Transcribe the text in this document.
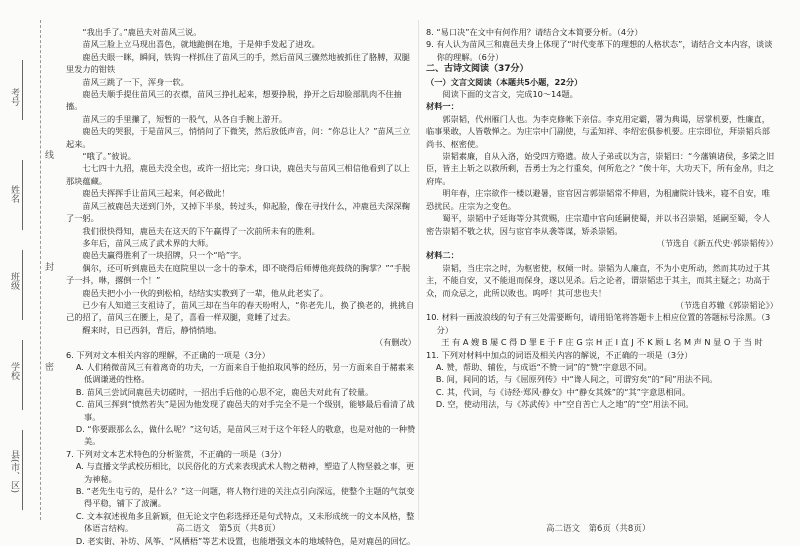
考号
姓名
班级
学校
县(市、区)
线
封
密

“我出手了。”鹿邑夫对苗风三说。

苗风三脸上立马现出喜色，就地跪倒在地，于是伸手发起了进攻。

鹿邑夫眼一眯，瞬间，铁钩一样抓住了苗风三的手，然后苗风三骤然地被抓住了胳膊，双腿里发力的钳铁

苗风三跳了一下，浑身一软。

鹿邑夫顺手提住苗风三的衣襟，苗风三挣扎起来，想要挣脱，挣开之后却脸部肌肉不住抽搐。

苗风三的手里攥了，短暂的一股气，从各自手腕上游开。

鹿邑夫的哭狠，于是苗风三，悄悄问了下微笑，然后放低声音，问：“你总让人？”苗风三立起来。

“哦了。”彼说。

七七四十九招，鹿邑夫没全也，或许一招比完；身口诀，鹿邑夫与苗风三相信他看到了以上那块蕴藏。

鹿邑夫挥挥手让苗风三起来，何必做此！

苗风三被鹿邑夫送到门外，又掉下半泉，转过头，仰起脸，像在寻找什么，冲鹿邑夫深深鞠了一躬。

我们很快得知，鹿邑夫在这天的下午赢得了一次前所未有的胜利。

多年后，苗风三成了武术界的大师。

鹿邑夫赢得胜利了一块招牌，只一个“哈”字。

偶尔，还可听到鹿邑夫在庭院里以一念十的拳术，即不晓得后师傅他亮鼓绕的胸掌？”“手脱子一抖，咻，撂倒一个！”

鹿邑夫把小小一伙的到松柏，结结实实教到了一辈，他从此老实了。

已少有人知道三支祖诗了，苗风三却在当年的春天吩咐人，“你老先儿，换了换老的，挑挑自己的招了，苗风三在腰上，是了，喜看一样双腿，竟睡了过去。

醒来时，日已西斜，背后，静悄悄地。

（有删改）

6. 下列对文本相关内容的理解，不正确的一项是（3分）

A. 人们稍微苗风三有着离奇的功夫，一方面来自于他拍取风筝的经历，另一方面来自于赭素来低调谦逊的性格。

B. 苗风三尝试同鹿邑夫切磋时，一招出手后他的心思不定，鹿邑夫对此有了较量。

C. 苗风三挥到“愤然若失”是因为他发现了鹿邑夫的对手完全不是一个级别，能够最后看清了战事。

D. “你要跟那么么，做什么呢？”这句话，是苗风三对于这个年轻人的敬意，也是对他的一种赞美。

7. 下列对文本艺术特色的分析鉴赏，不正确的一项是（3分）

A. 与直播文学武校历相比，以民俗化的方式来表现武术人物之精神，塑造了人物坚毅之事，更为神秘。

B. “老先生屯亏的，是什么？”这一问题，将人物行进的关注点引向深远，使整个主题的气氛变得平稳，铺下了波澜。

C. 文本叙述视角多且新颖，但无论文字色彩选择还是句式特点，又未形成统一的文本风格，整体语言结构。

D. 老实街、补坊、风筝、“风栖梧”等艺术设置，也能增强文本的地域特色，是对鹿邑的回忆。

8. “易口决”在文中有何作用？请结合文本简要分析。（4分）

9. 有人认为苗风三和鹿邑夫身上体现了“时代变革下的理想的人格状态”，请结合文本内容，谈谈你的理解。（6分）

二、古诗文阅读（37分）

（一）文言文阅读（本题共5小题，22分）

阅读下面的文言文，完成10～14题。

材料一：

郭崇韬，代州雁门人也。为李克修帐下亲信。李克用定霸，署为典谒，居掌机要，性廉直，临事果敢，人皆敬惮之。为庄宗中门副使，与孟知祥、李绍宏俱参机要。庄宗即位，拜崇韬兵部尚书、枢密使。

崇韬素廉，自从入洛，始受四方赂遗。故人子弟或以为言，崇韬曰：“今藩镇诸侯，多梁之旧臣，皆主上斩之以救所剩，吾勇士为之行重矣，何所危之？”俟十年，大功天下，所有金帛，归之府库。

明年春，庄宗欲作一楼以避暑，宦官因言郭崇韬常不伸眉，为租庸院计钱米，寝不自安，唯恐扰民。庄宗为之变色。

蜀平，崇韬中子廷诲等分其赏赐，庄宗遣中官向延嗣使蜀，并以书召崇韬，延嗣至蜀，令人密告崇韬不敬之状，因与宦官李从袭等谋，矫杀崇韬。

（节选自《新五代史·郭崇韬传》）

材料二：

崇韬，当庄宗之时，为枢密使，权倾一时。崇韬为人廉直，不为小吏所动，然而其功过于其主，不能自安，又不能退而保身，遂以见杀。后之论者，谓崇韬忠于其主，而其主疑之；功高于众，而众忌之，此所以败也。呜呼！其可悲也夫！

（节选自苏辙《郭崇韬论》）

10. 材料一画波浪线的句子有三处需要断句，请用铅笔将答题卡上相应位置的答题标号涂黑。（3分）

王 有 A 嫂 B 屡 C 得 D 罪 E 于 F 庄 G 宗 H 正 I 直 J 不 K 顾 L 名 M 声 N 显 O 于 当 时

11. 下列对材料中加点的词语及相关内容的解说，不正确的一项是（3分）

A. 赞，帮助、辅佐，与成语“不赞一词”的“赞”字意思不同。

B. 间，间同的话，与《屈原列传》中“谗人间之，可谓穷矣”的“间”用法不同。

C. 其，代词，与《诗经·郑风·静女》中“静女其姝”的“其”字意思相同。

D. 空，使动用法，与《苏武传》中“空自苦亡人之地”的“空”用法不同。

高二语文　第5页（共8页）	高二语文　第6页（共8页）
